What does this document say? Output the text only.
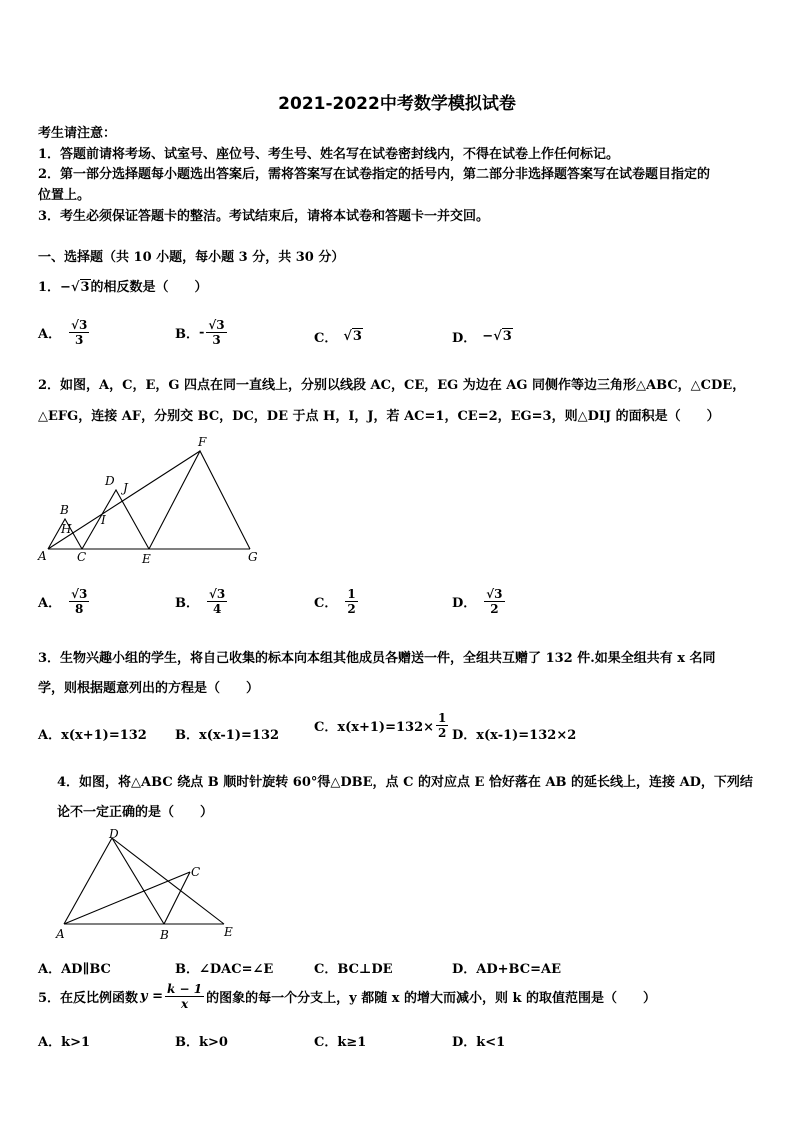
2021-2022中考数学模拟试卷
考生请注意：
1．答题前请将考场、试室号、座位号、考生号、姓名写在试卷密封线内，不得在试卷上作任何标记。
2．第一部分选择题每小题选出答案后，需将答案写在试卷指定的括号内，第二部分非选择题答案写在试卷题目指定的
位置上。
3．考生必须保证答题卡的整洁。考试结束后，请将本试卷和答题卡一并交回。
一、选择题（共 10 小题，每小题 3 分，共 30 分）
1．−√3的相反数是（　　）
A． $\frac{√3}{3}$	B． - $\frac{√3}{3}$	C． √3	D． − √3
2．如图，A，C，E，G 四点在同一直线上，分别以线段 AC，CE，EG 为边在 AG 同侧作等边三角形△ABC，△CDE，
△EFG，连接 AF，分别交 BC，DC，DE 于点 H，I，J，若 AC=1，CE=2，EG=3，则△DIJ 的面积是（　　）
F
D J
B
I
H
A	C	E	G
A． $\frac{√3}{8}$	B． $\frac{√3}{4}$	C． $\frac{1}{2}$	D． $\frac{√3}{2}$
3．生物兴趣小组的学生，将自己收集的标本向本组其他成员各赠送一件，全组共互赠了 132 件.如果全组共有 x 名同
学，则根据题意列出的方程是（　　）
A．x(x+1)=132 B．x(x-1)=132
C．$x(x+1)=132\times \frac{1}{2}$ D．x(x-1)=132×2
4．如图，将△ABC 绕点 B 顺时针旋转 60°得△DBE，点 C 的对应点 E 恰好落在 AB 的延长线上，连接 AD，下列结
论不一定正确的是（　　）
D
C
A	B	E
A．AD∥BC	B．∠DAC=∠E	C．BC⊥DE	D．AD+BC=AE
5．在反比例函数 $y = \frac{k - 1}{x}$ 的图象的每一个分支上，y 都随 x 的增大而减小，则 k 的取值范围是（　　）
A．k>1	B．k>0	C．k≥1	D．k<1
